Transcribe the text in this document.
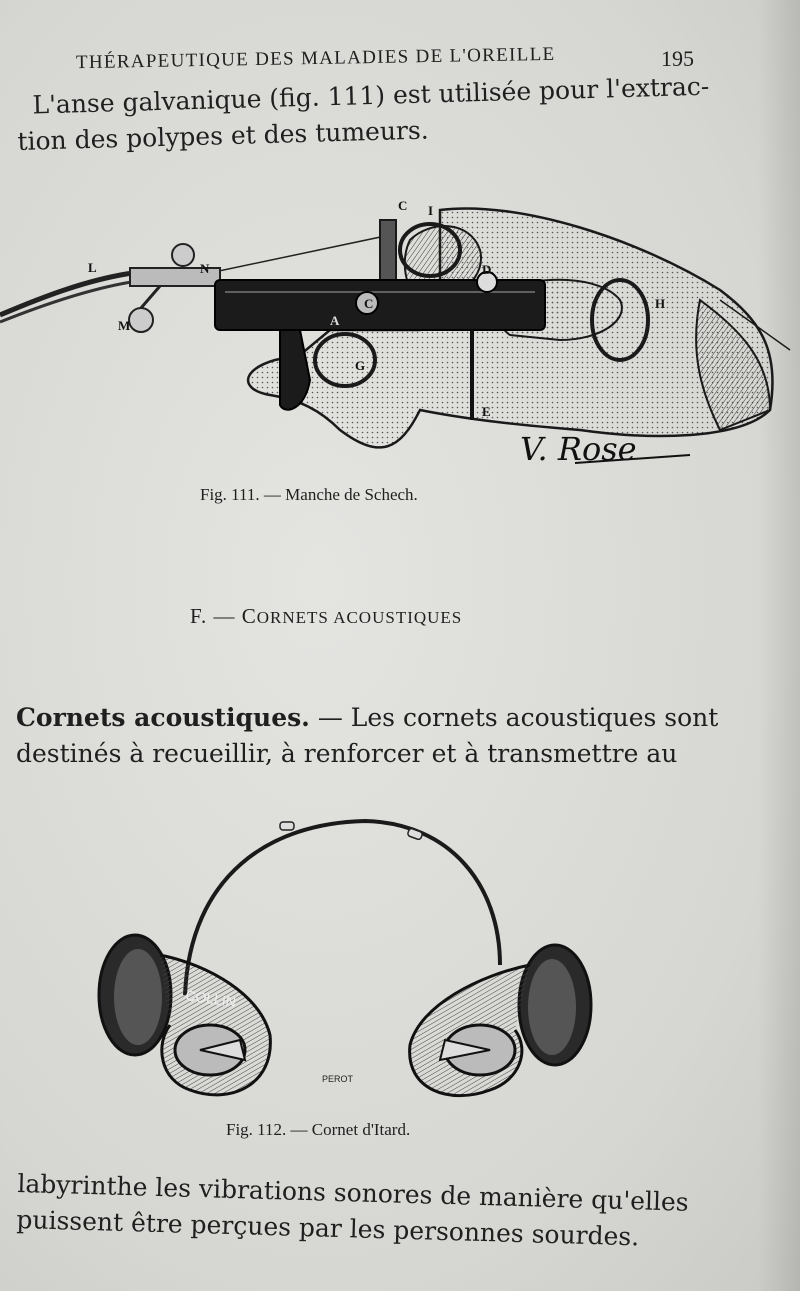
THÉRAPEUTIQUE DES MALADIES DE L'OREILLE	195
L'anse galvanique (fig. 111) est utilisée pour l'extrac-
tion des polypes et des tumeurs.
C I
L	N
M
D
H
A
C
G
E
V. Rose
Fig. 111. — Manche de Schech.
F. — CORNETS ACOUSTIQUES
Cornets acoustiques. — Les cornets acoustiques sont
destinés à recueillir, à renforcer et à transmettre au
COLLIN
PEROT
Fig. 112. — Cornet d'Itard.
labyrinthe les vibrations sonores de manière qu'elles
puissent être perçues par les personnes sourdes.
